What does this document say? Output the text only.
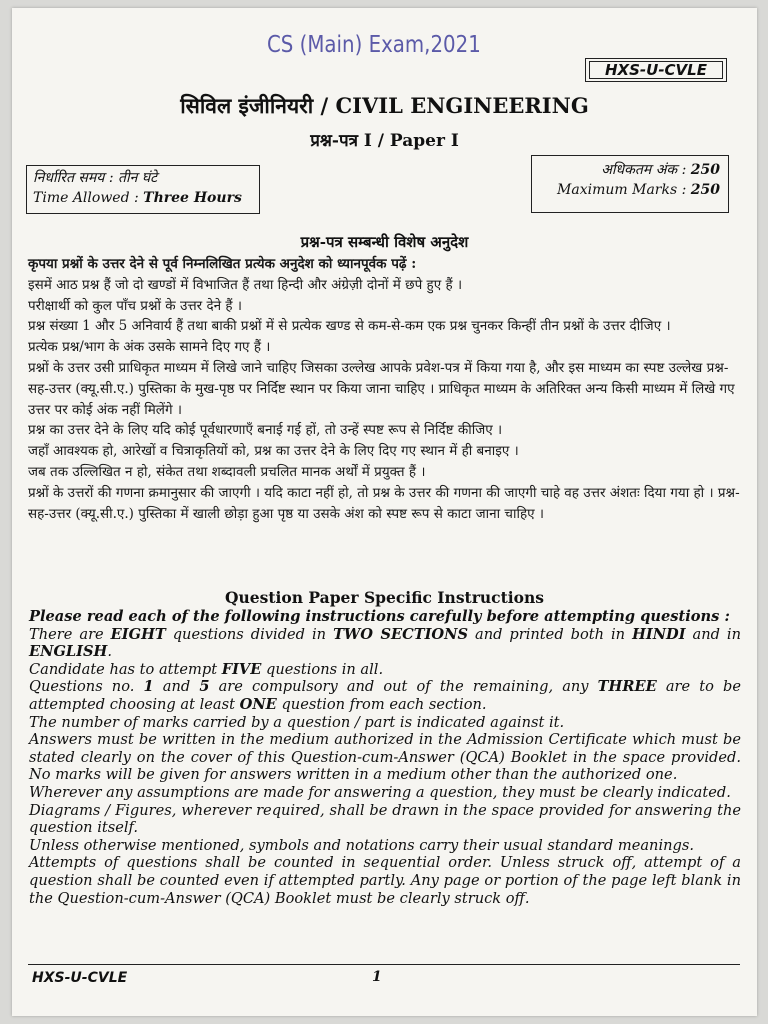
CS (Main) Exam,2021
HXS-U-CVLE
सिविल इंजीनियरी / CIVIL ENGINEERING
प्रश्न-पत्र I / Paper I
निर्धारित समय : तीन घंटे
Time Allowed : Three Hours
अधिकतम अंक : 250
Maximum Marks : 250
प्रश्न-पत्र सम्बन्धी विशेष अनुदेश

कृपया प्रश्नों के उत्तर देने से पूर्व निम्नलिखित प्रत्येक अनुदेश को ध्यानपूर्वक पढ़ें :

इसमें आठ प्रश्न हैं जो दो खण्डों में विभाजित हैं तथा हिन्दी और अंग्रेज़ी दोनों में छपे हुए हैं ।

परीक्षार्थी को कुल पाँच प्रश्नों के उत्तर देने हैं ।

प्रश्न संख्या 1 और 5 अनिवार्य हैं तथा बाकी प्रश्नों में से प्रत्येक खण्ड से कम-से-कम एक प्रश्न चुनकर किन्हीं तीन प्रश्नों के उत्तर दीजिए ।

प्रत्येक प्रश्न/भाग के अंक उसके सामने दिए गए हैं ।

प्रश्नों के उत्तर उसी प्राधिकृत माध्यम में लिखे जाने चाहिए जिसका उल्लेख आपके प्रवेश-पत्र में किया गया है, और इस माध्यम का स्पष्ट उल्लेख प्रश्न-सह-उत्तर (क्यू.सी.ए.) पुस्तिका के मुख-पृष्ठ पर निर्दिष्ट स्थान पर किया जाना चाहिए । प्राधिकृत माध्यम के अतिरिक्त अन्य किसी माध्यम में लिखे गए उत्तर पर कोई अंक नहीं मिलेंगे ।

प्रश्न का उत्तर देने के लिए यदि कोई पूर्वधारणाएँ बनाई गई हों, तो उन्हें स्पष्ट रूप से निर्दिष्ट कीजिए ।

जहाँ आवश्यक हो, आरेखों व चित्राकृतियों को, प्रश्न का उत्तर देने के लिए दिए गए स्थान में ही बनाइए ।

जब तक उल्लिखित न हो, संकेत तथा शब्दावली प्रचलित मानक अर्थों में प्रयुक्त हैं ।

प्रश्नों के उत्तरों की गणना क्रमानुसार की जाएगी । यदि काटा नहीं हो, तो प्रश्न के उत्तर की गणना की जाएगी चाहे वह उत्तर अंशतः दिया गया हो । प्रश्न-सह-उत्तर (क्यू.सी.ए.) पुस्तिका में खाली छोड़ा हुआ पृष्ठ या उसके अंश को स्पष्ट रूप से काटा जाना चाहिए ।

Question Paper Specific Instructions

Please read each of the following instructions carefully before attempting questions :

There are EIGHT questions divided in TWO SECTIONS and printed both in HINDI and in ENGLISH.

Candidate has to attempt FIVE questions in all.

Questions no. 1 and 5 are compulsory and out of the remaining, any THREE are to be attempted choosing at least ONE question from each section.

The number of marks carried by a question / part is indicated against it.

Answers must be written in the medium authorized in the Admission Certificate which must be stated clearly on the cover of this Question-cum-Answer (QCA) Booklet in the space provided. No marks will be given for answers written in a medium other than the authorized one.

Wherever any assumptions are made for answering a question, they must be clearly indicated.

Diagrams / Figures, wherever required, shall be drawn in the space provided for answering the question itself.

Unless otherwise mentioned, symbols and notations carry their usual standard meanings.

Attempts of questions shall be counted in sequential order. Unless struck off, attempt of a question shall be counted even if attempted partly. Any page or portion of the page left blank in the Question-cum-Answer (QCA) Booklet must be clearly struck off.

HXS-U-CVLE	1
